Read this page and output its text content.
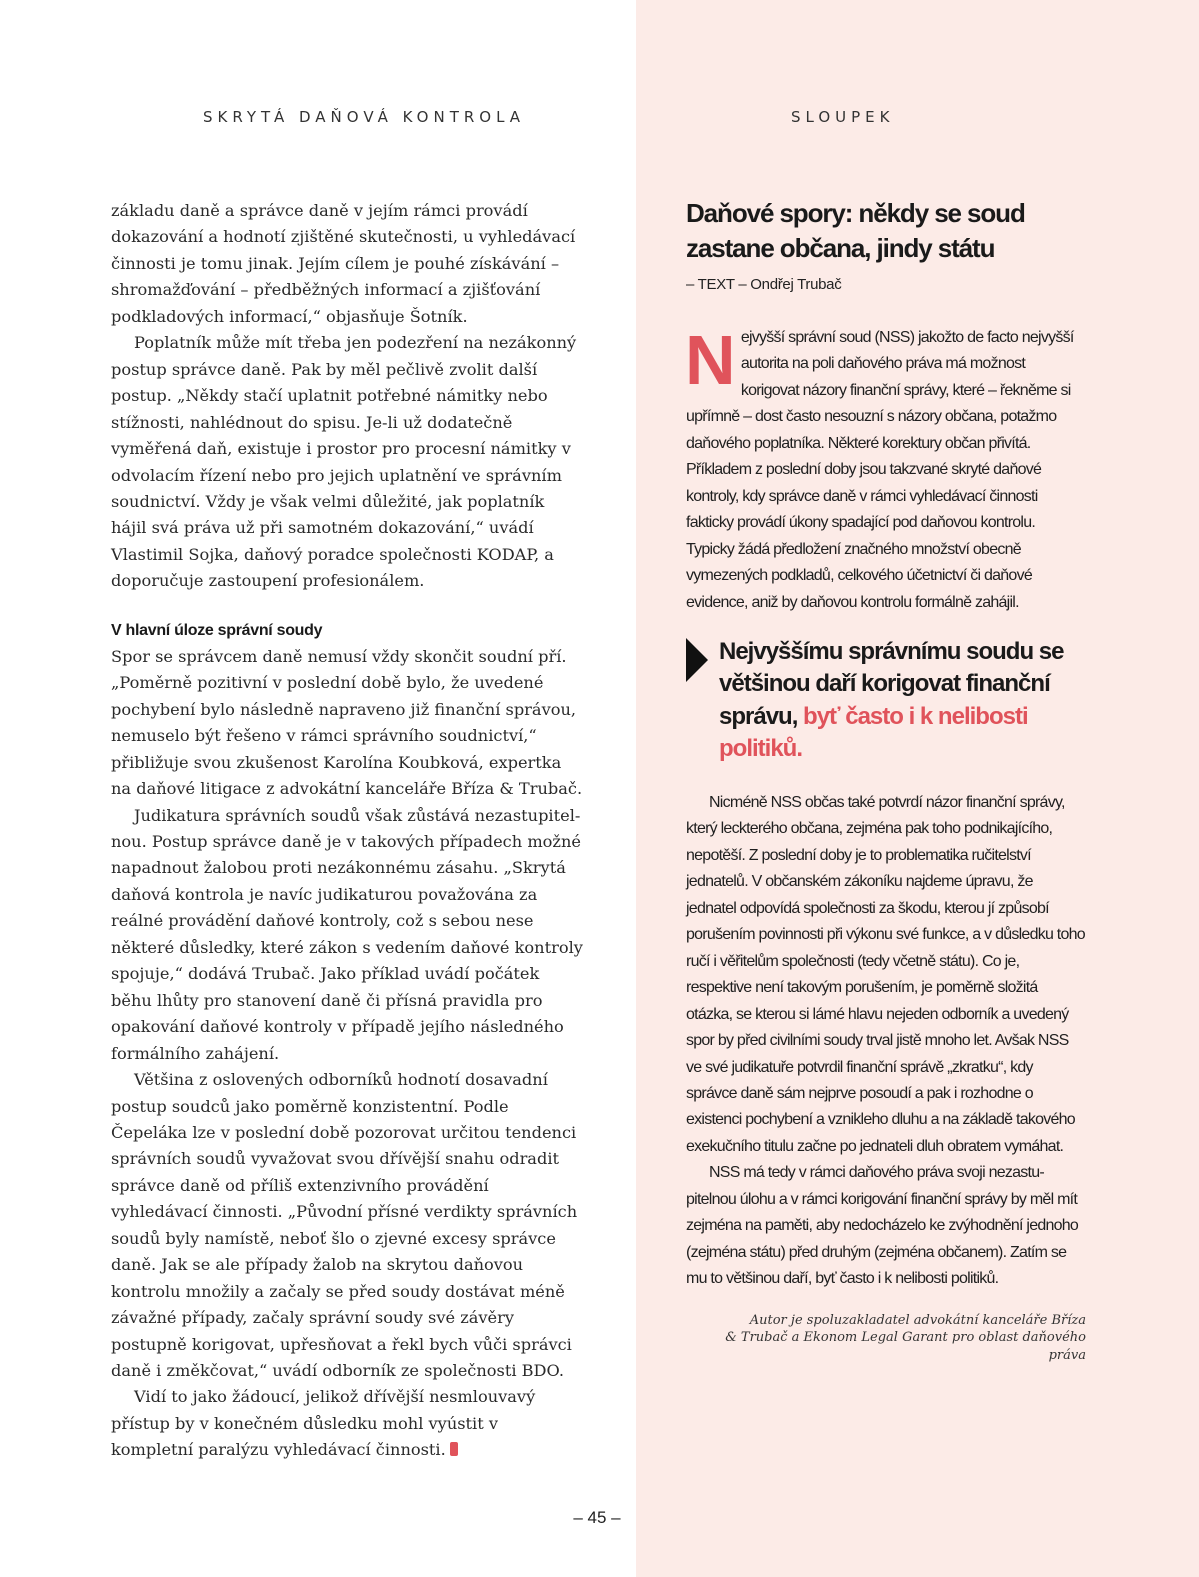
SKRYTÁ DAŇOVÁ KONTROLA	SLOUPEK

základu daně a správce daně v jejím rámci provádí dokazování a hodnotí zjištěné skutečnosti, u vyhledávací činnosti je tomu jinak. Jejím cílem je pouhé získávání – shromažďování – předběžných informací a zjišťování podkladových informací,“ objasňuje Šotník.

Poplatník může mít třeba jen podezření na nezákonný postup správce daně. Pak by měl pečlivě zvolit další postup. „Někdy stačí uplatnit potřebné námitky nebo stížnosti, nahlédnout do spisu. Je-li už dodatečně vyměřená daň, existuje i prostor pro procesní námitky v odvolacím řízení nebo pro jejich uplatnění ve správním soudnictví. Vždy je však velmi důležité, jak poplatník hájil svá práva už při samotném dokazování,“ uvádí Vlastimil Sojka, daňový poradce společnosti KODAP, a doporučuje zastoupení profesionálem.

V hlavní úloze správní soudy

Spor se správcem daně nemusí vždy skončit soudní pří. „Poměrně pozitivní v poslední době bylo, že uvedené pochybení bylo následně napraveno již finanční správou, nemuselo být řešeno v rámci správního soudnictví,“ přibližuje svou zkušenost Karolína Koubková, expertka na daňové litigace z advokátní kanceláře Bříza & Trubač.

Judikatura správních soudů však zůstává nezastupitelnou. Postup správce daně je v takových případech možné napadnout žalobou proti nezákonnému zásahu. „Skrytá daňová kontrola je navíc judikaturou považována za reálné provádění daňové kontroly, což s sebou nese některé důsledky, které zákon s vedením daňové kontroly spojuje,“ dodává Trubač. Jako příklad uvádí počátek běhu lhůty pro stanovení daně či přísná pravidla pro opakování daňové kontroly v případě jejího následného formálního zahájení.

Většina z oslovených odborníků hodnotí dosavadní postup soudců jako poměrně konzistentní. Podle Čepeláka lze v poslední době pozorovat určitou tendenci správních soudů vyvažovat svou dřívější snahu odradit správce daně od příliš extenzivního provádění vyhledávací činnosti. „Původní přísné verdikty správních soudů byly namístě, neboť šlo o zjevné excesy správce daně. Jak se ale případy žalob na skrytou daňovou kontrolu množily a začaly se před soudy dostávat méně závažné případy, začaly správní soudy své závěry postupně korigovat, upřesňovat a řekl bych vůči správci daně i změkčovat,“ uvádí odborník ze společnosti BDO.

Vidí to jako žádoucí, jelikož dřívější nesmlouvavý přístup by v konečném důsledku mohl vyústit v kompletní paralýzu vyhledávací činnosti.

Daňové spory: někdy se soud zastane občana, jindy státu
– TEXT – Ondřej Trubač

Nejvyšší správní soud (NSS) jakožto de facto nejvyšší autorita na poli daňového práva má možnost korigovat názory finanční správy, které – řekněme si upřímně – dost často nesouzní s názory občana, potažmo daňového poplatníka. Některé korektury občan přivítá. Příkladem z poslední doby jsou takzvané skryté daňové kontroly, kdy správce daně v rámci vyhledávací činnosti fakticky provádí úkony spadající pod daňovou kontrolu. Typicky žádá předložení značného množství obecně vymezených podkladů, celkového účetnictví či daňové evidence, aniž by daňovou kontrolu formálně zahájil.

Nejvyššímu správnímu soudu se většinou daří korigovat finanční správu, byť často i k nelibosti politiků.

Nicméně NSS občas také potvrdí názor finanční správy, který leckterého občana, zejména pak toho podnikajícího, nepotěší. Z poslední doby je to problematika ručitelství jednatelů. V občanském zákoníku najdeme úpravu, že jednatel odpovídá společnosti za škodu, kterou jí způsobí porušením povinnosti při výkonu své funkce, a v důsledku toho ručí i věřitelům společnosti (tedy včetně státu). Co je, respektive není takovým porušením, je poměrně složitá otázka, se kterou si lámé hlavu nejeden odborník a uvedený spor by před civilními soudy trval jistě mnoho let. Avšak NSS ve své judikatuře potvrdil finanční správě „zkratku“, kdy správce daně sám nejprve posoudí a pak i rozhodne o existenci pochybení a vznikleho dluhu a na základě takového exekučního titulu začne po jednateli dluh obratem vymáhat.

NSS má tedy v rámci daňového práva svoji nezastupitelnou úlohu a v rámci korigování finanční správy by měl mít zejména na paměti, aby nedocházelo ke zvýhodnění jednoho (zejména státu) před druhým (zejména občanem). Zatím se mu to většinou daří, byť často i k nelibosti politiků.

Autor je spoluzakladatel advokátní kanceláře Bříza
& Trubač a Ekonom Legal Garant pro oblast daňového práva
– 45 –
